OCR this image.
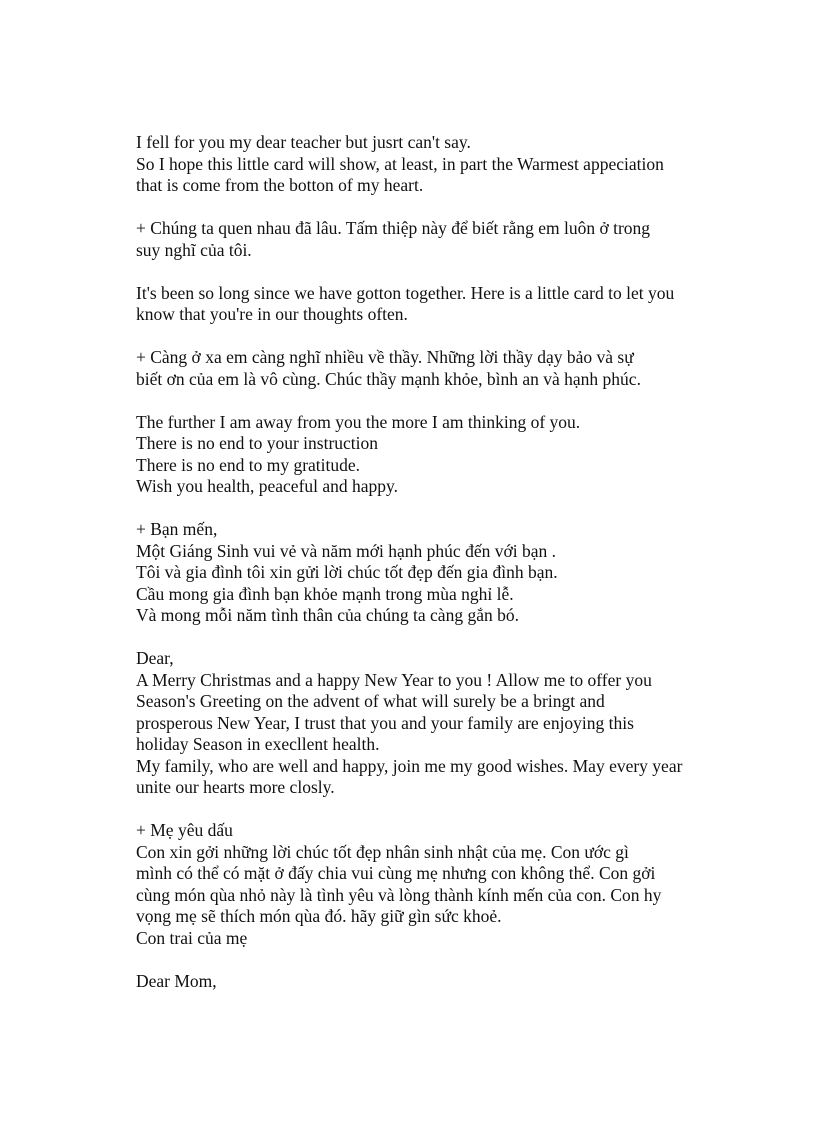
I fell for you my dear teacher but jusrt can't say.
So I hope this little card will show, at least, in part the Warmest appeciation
that is come from the botton of my heart.

+ Chúng ta quen nhau đã lâu. Tấm thiệp này để biết rằng em luôn ở trong
suy nghĩ của tôi.

It's been so long since we have gotton together. Here is a little card to let you
know that you're in our thoughts often.

+ Càng ở xa em càng nghĩ nhiều về thầy. Những lời thầy dạy bảo và sự
biết ơn của em là vô cùng. Chúc thầy mạnh khỏe, bình an và hạnh phúc.

The further I am away from you the more I am thinking of you.
There is no end to your instruction
There is no end to my gratitude.
Wish you health, peaceful and happy.

+ Bạn mến,
Một Giáng Sinh vui vẻ và năm mới hạnh phúc đến với bạn .
Tôi và gia đình tôi xin gửi lời chúc tốt đẹp đến gia đình bạn.
Cầu mong gia đình bạn khỏe mạnh trong mùa nghỉ lễ.
Và mong mỗi năm tình thân của chúng ta càng gắn bó.

Dear,
A Merry Christmas and a happy New Year to you ! Allow me to offer you
Season's Greeting on the advent of what will surely be a bringt and
prosperous New Year, I trust that you and your family are enjoying this
holiday Season in execllent health.
My family, who are well and happy, join me my good wishes. May every year
unite our hearts more closly.

+ Mẹ yêu dấu
Con xin gởi những lời chúc tốt đẹp nhân sinh nhật của mẹ. Con ước gì
mình có thể có mặt ở đấy chia vui cùng mẹ nhưng con không thể. Con gởi
cùng món qùa nhỏ này là tình yêu và lòng thành kính mến của con. Con hy
vọng mẹ sẽ thích món qùa đó. hãy giữ gìn sức khoẻ.
Con trai của mẹ

Dear Mom,
